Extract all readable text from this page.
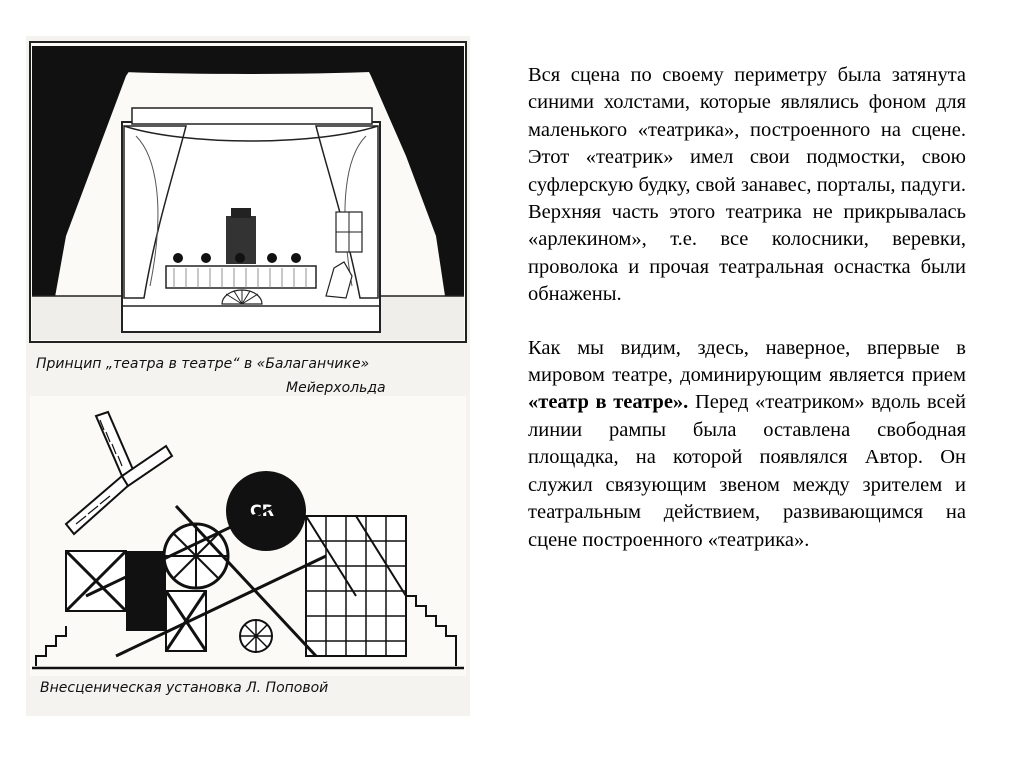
CR
Принцип „театра в театре“ в «Балаганчике»
Мейерхольда
Внесценическая установка Л. Поповой

Вся сцена по своему периметру была затянута синими холстами, которые являлись фоном для маленького «театрика», построенного на сцене. Этот «театрик» имел свои подмостки, свою суфлерскую будку, свой занавес, порталы, падуги. Верхняя часть этого театрика не прикрывалась «арлекином», т.е. все колосники, веревки, проволока и прочая театральная оснастка были обнажены.

Как мы видим, здесь, наверное, впервые в мировом театре, доминирующим является прием «театр в театре». Перед «театриком» вдоль всей линии рампы была оставлена свободная площадка, на которой появлялся Автор. Он служил связующим звеном между зрителем и театральным действием, развивающимся на сцене построенного «театрика».
